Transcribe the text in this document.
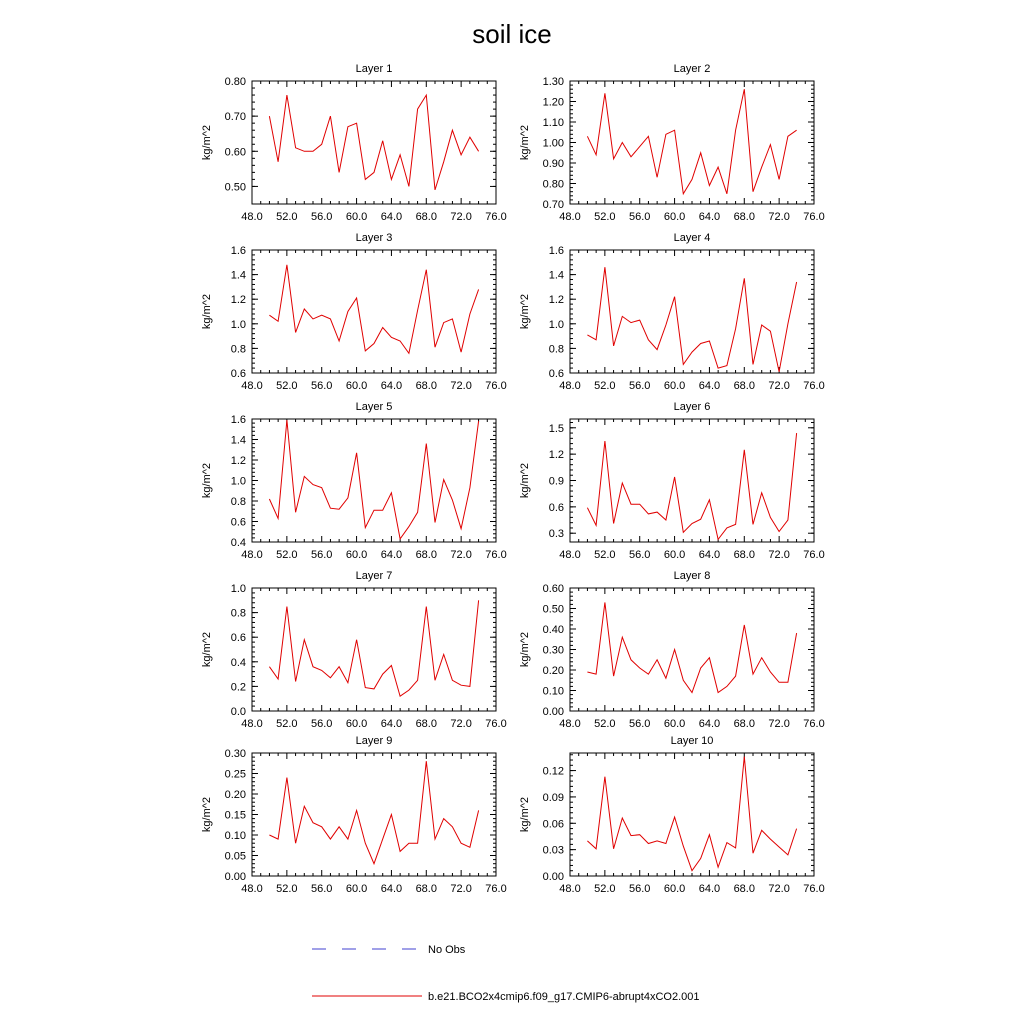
soil ice
Layer 1
48.0 52.0 56.0 60.0 64.0 68.0 72.0 76.0
0.50
0.60
0.70
0.80
kg/m^2
Layer 2
48.0 52.0 56.0 60.0 64.0 68.0 72.0 76.0
0.70
0.80
0.90
1.00
1.10
1.20
1.30
kg/m^2
Layer 3
48.0 52.0 56.0 60.0 64.0 68.0 72.0 76.0
0.6
0.8
1.0
1.2
1.4
1.6
kg/m^2
Layer 4
48.0 52.0 56.0 60.0 64.0 68.0 72.0 76.0
0.6
0.8
1.0
1.2
1.4
1.6
kg/m^2
Layer 5
48.0 52.0 56.0 60.0 64.0 68.0 72.0 76.0
0.4
0.6
0.8
1.0
1.2
1.4
1.6
kg/m^2
Layer 6
48.0 52.0 56.0 60.0 64.0 68.0 72.0 76.0
0.3
0.6
0.9
1.2
1.5
kg/m^2
Layer 7
48.0 52.0 56.0 60.0 64.0 68.0 72.0 76.0
0.0
0.2
0.4
0.6
0.8
1.0
kg/m^2
Layer 8
48.0 52.0 56.0 60.0 64.0 68.0 72.0 76.0
0.00
0.10
0.20
0.30
0.40
0.50
0.60
kg/m^2
Layer 9
48.0 52.0 56.0 60.0 64.0 68.0 72.0 76.0
0.00
0.05
0.10
0.15
0.20
0.25
0.30
kg/m^2
Layer 10
48.0 52.0 56.0 60.0 64.0 68.0 72.0 76.0
0.00
0.03
0.06
0.09
0.12
kg/m^2
No Obs
b.e21.BCO2x4cmip6.f09_g17.CMIP6-abrupt4xCO2.001
